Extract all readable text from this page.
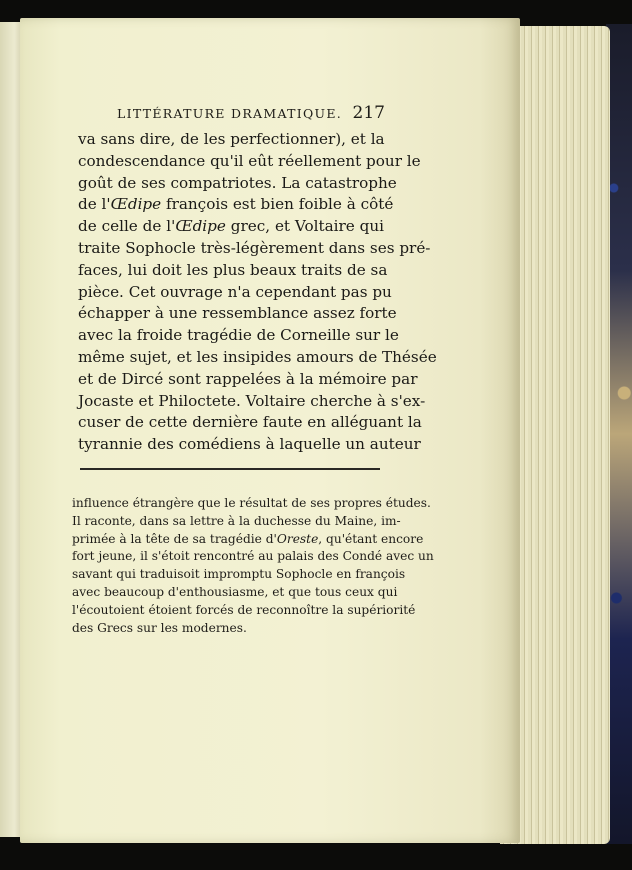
LITTÉRATURE DRAMATIQUE. 217
va sans dire, de les perfectionner), et la
condescendance qu'il eût réellement pour le
goût de ses compatriotes. La catastrophe
de l'Œdipe françois est bien foible à côté
de celle de l'Œdipe grec, et Voltaire qui
traite Sophocle très-légèrement dans ses pré-
faces, lui doit les plus beaux traits de sa
pièce. Cet ouvrage n'a cependant pas pu
échapper à une ressemblance assez forte
avec la froide tragédie de Corneille sur le
même sujet, et les insipides amours de Thésée
et de Dircé sont rappelées à la mémoire par
Jocaste et Philoctete. Voltaire cherche à s'ex-
cuser de cette dernière faute en alléguant la
tyrannie des comédiens à laquelle un auteur
influence étrangère que le résultat de ses propres études.
Il raconte, dans sa lettre à la duchesse du Maine, im-
primée à la tête de sa tragédie d'Oreste, qu'étant encore
fort jeune, il s'étoit rencontré au palais des Condé avec un
savant qui traduisoit impromptu Sophocle en françois
avec beaucoup d'enthousiasme, et que tous ceux qui
l'écoutoient étoient forcés de reconnoître la supériorité
des Grecs sur les modernes.
